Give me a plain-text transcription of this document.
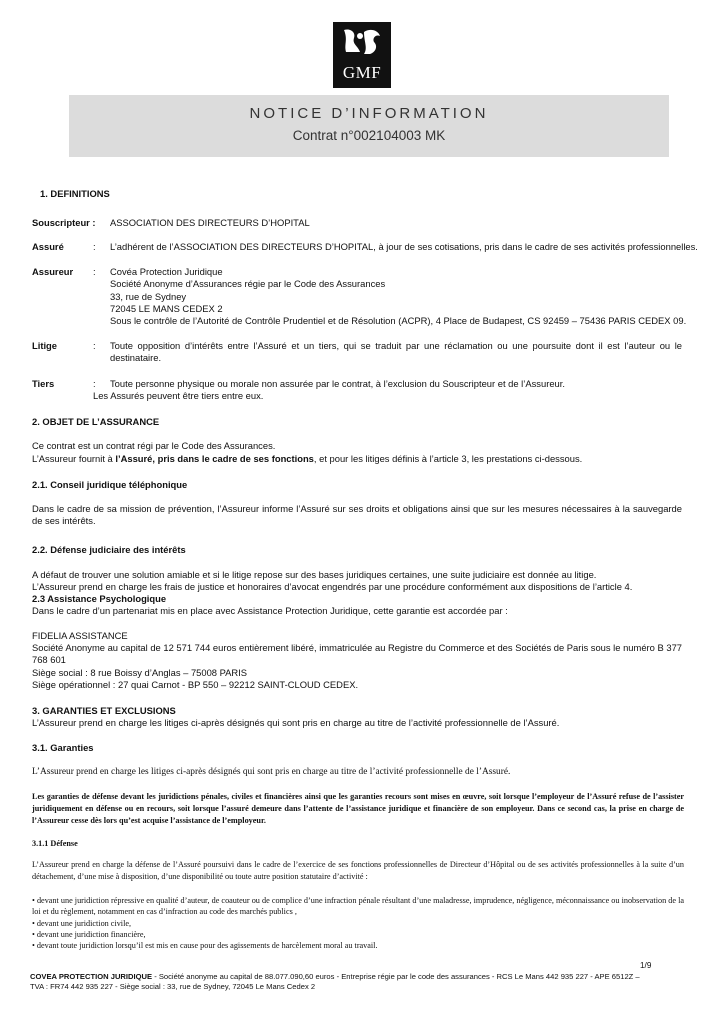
GMF
NOTICE D’INFORMATION
Contrat n°002104003 MK
1. DEFINITIONS
Souscripteur : ASSOCIATION DES DIRECTEURS D’HOPITAL
Assuré	: L’adhérent de l’ASSOCIATION DES DIRECTEURS D’HOPITAL, à jour de ses cotisations, pris dans le cadre de ses activités professionnelles.
Assureur : Covéa Protection Juridique
Société Anonyme d’Assurances régie par le Code des Assurances
33, rue de Sydney
72045 LE MANS CEDEX 2
Sous le contrôle de l’Autorité de Contrôle Prudentiel et de Résolution (ACPR), 4 Place de Budapest, CS 92459 – 75436 PARIS CEDEX 09.
Litige	: Toute opposition d’intérêts entre l’Assuré et un tiers, qui se traduit par une réclamation ou une poursuite dont il est l’auteur ou le destinataire.
Tiers	: Toute personne physique ou morale non assurée par le contrat, à l’exclusion du Souscripteur et de l’Assureur.
Les Assurés peuvent être tiers entre eux.
2. OBJET DE L’ASSURANCE
Ce contrat est un contrat régi par le Code des Assurances.
L’Assureur fournit à l’Assuré, pris dans le cadre de ses fonctions, et pour les litiges définis à l’article 3, les prestations ci-dessous.
2.1. Conseil juridique téléphonique
Dans le cadre de sa mission de prévention, l’Assureur informe l’Assuré sur ses droits et obligations ainsi que sur les mesures nécessaires à la sauvegarde de ses intérêts.
2.2. Défense judiciaire des intérêts
A défaut de trouver une solution amiable et si le litige repose sur des bases juridiques certaines, une suite judiciaire est donnée au litige.
L’Assureur prend en charge les frais de justice et honoraires d’avocat engendrés par une procédure conformément aux dispositions de l’article 4.
2.3 Assistance Psychologique
Dans le cadre d’un partenariat mis en place avec Assistance Protection Juridique, cette garantie est accordée par :
FIDELIA ASSISTANCE
Société Anonyme au capital de 12 571 744 euros entièrement libéré, immatriculée au Registre du Commerce et des Sociétés de Paris sous le numéro B 377 768 601
Siège social : 8 rue Boissy d’Anglas – 75008 PARIS
Siège opérationnel : 27 quai Carnot - BP 550 – 92212 SAINT-CLOUD CEDEX.
3. GARANTIES ET EXCLUSIONS
L’Assureur prend en charge les litiges ci-après désignés qui sont pris en charge au titre de l’activité professionnelle de l’Assuré.
3.1. Garanties
L’Assureur prend en charge les litiges ci-après désignés qui sont pris en charge au titre de l’activité professionnelle de l’Assuré.
Les garanties de défense devant les juridictions pénales, civiles et financières ainsi que les garanties recours sont mises en œuvre, soit lorsque l’employeur de l’Assuré refuse de l’assister juridiquement en défense ou en recours, soit lorsque l’assuré demeure dans l’attente de l’assistance juridique et financière de son employeur. Dans ce second cas, la prise en charge de l’Assureur cesse dès lors qu’est acquise l’assistance de l’employeur.
3.1.1 Défense
L’Assureur prend en charge la défense de l’Assuré poursuivi dans le cadre de l’exercice de ses fonctions professionnelles de Directeur d’Hôpital ou de ses activités professionnelles à la suite d’un détachement, d’une mise à disposition, d’une disponibilité ou toute autre position statutaire d’activité :
• devant une juridiction répressive en qualité d’auteur, de coauteur ou de complice d’une infraction pénale résultant d’une maladresse, imprudence, négligence, méconnaissance ou inobservation de la loi et du règlement, notamment en cas d’infraction au code des marchés publics ,
• devant une juridiction civile,
• devant une juridiction financière,
• devant toute juridiction lorsqu’il est mis en cause pour des agissements de harcèlement moral au travail.
1/9
COVEA PROTECTION JURIDIQUE - Société anonyme au capital de 88.077.090,60 euros - Entreprise régie par le code des assurances - RCS Le Mans 442 935 227 - APE 6512Z –
TVA : FR74 442 935 227 - Siège social : 33, rue de Sydney, 72045 Le Mans Cedex 2
